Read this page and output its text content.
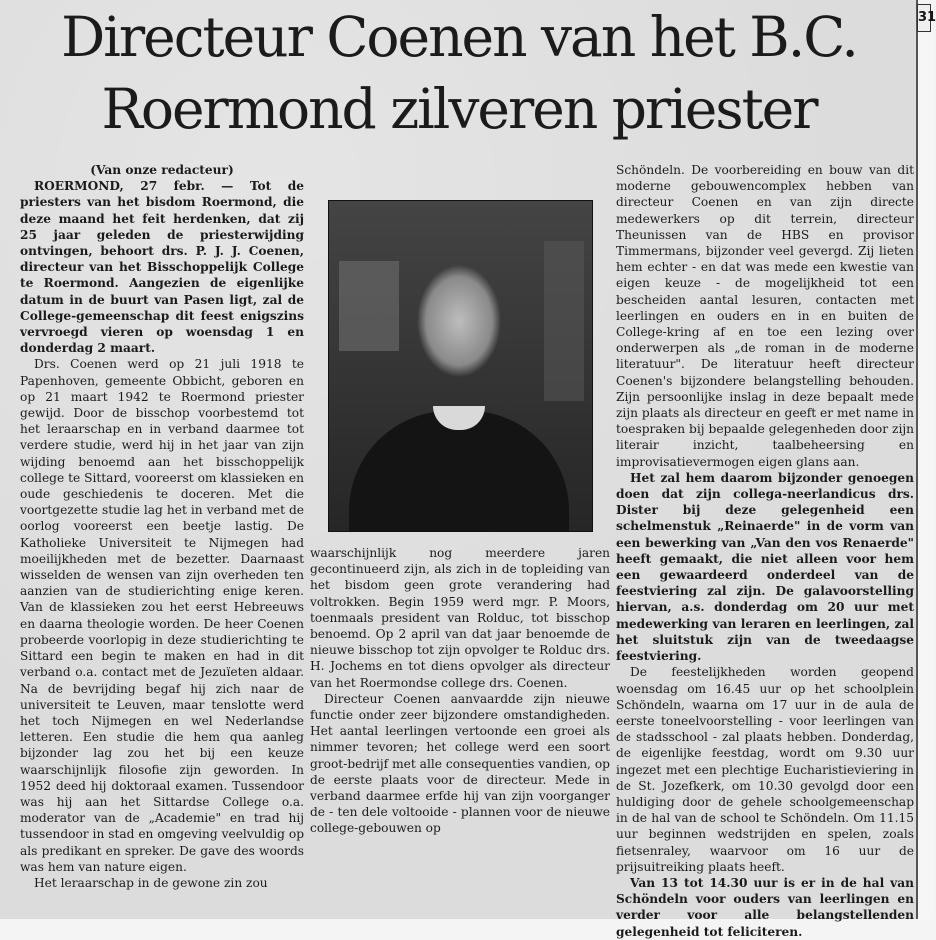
Directeur Coenen van het B.C.
Roermond zilveren priester

(Van onze redacteur)

ROERMOND, 27 febr. — Tot de priesters van het bisdom Roermond, die deze maand het feit herdenken, dat zij 25 jaar geleden de priesterwijding ontvingen, behoort drs. P. J. J. Coenen, directeur van het Bisschoppelijk College te Roermond. Aangezien de eigenlijke datum in de buurt van Pasen ligt, zal de College-gemeenschap dit feest enigszins vervroegd vieren op woensdag 1 en donderdag 2 maart.

Drs. Coenen werd op 21 juli 1918 te Papenhoven, gemeente Obbicht, geboren en op 21 maart 1942 te Roermond priester gewijd. Door de bisschop voorbestemd tot het leraarschap en in verband daarmee tot verdere studie, werd hij in het jaar van zijn wijding benoemd aan het bisschoppelijk college te Sittard, vooreerst om klassieken en oude geschiedenis te doceren. Met die voortgezette studie lag het in verband met de oorlog vooreerst een beetje lastig. De Katholieke Universiteit te Nijmegen had moeilijkheden met de bezetter. Daarnaast wisselden de wensen van zijn overheden ten aanzien van de studierichting enige keren. Van de klassieken zou het eerst Hebreeuws en daarna theologie worden. De heer Coenen probeerde voorlopig in deze studierichting te Sittard een begin te maken en had in dit verband o.a. contact met de Jezuïeten aldaar. Na de bevrijding begaf hij zich naar de universiteit te Leuven, maar tenslotte werd het toch Nijmegen en wel Nederlandse letteren. Een studie die hem qua aanleg bijzonder lag zou het bij een keuze waarschijnlijk filosofie zijn geworden. In 1952 deed hij doktoraal examen. Tussendoor was hij aan het Sittardse College o.a. moderator van de „Academie" en trad hij tussendoor in stad en omgeving veelvuldig op als predikant en spreker. De gave des woords was hem van nature eigen.

Het leraarschap in de gewone zin zou

waarschijnlijk nog meerdere jaren gecontinueerd zijn, als zich in de topleiding van het bisdom geen grote verandering had voltrokken. Begin 1959 werd mgr. P. Moors, toenmaals president van Rolduc, tot bisschop benoemd. Op 2 april van dat jaar benoemde de nieuwe bisschop tot zijn opvolger te Rolduc drs. H. Jochems en tot diens opvolger als directeur van het Roermondse college drs. Coenen.

Directeur Coenen aanvaardde zijn nieuwe functie onder zeer bijzondere omstandigheden. Het aantal leerlingen vertoonde een groei als nimmer tevoren; het college werd een soort groot-bedrijf met alle consequenties vandien, op de eerste plaats voor de directeur. Mede in verband daarmee erfde hij van zijn voorganger de - ten dele voltooide - plannen voor de nieuwe college-gebouwen op

Schöndeln. De voorbereiding en bouw van dit moderne gebouwencomplex hebben van directeur Coenen en van zijn directe medewerkers op dit terrein, directeur Theunissen van de HBS en provisor Timmermans, bijzonder veel gevergd. Zij lieten hem echter - en dat was mede een kwestie van eigen keuze - de mogelijkheid tot een bescheiden aantal lesuren, contacten met leerlingen en ouders en in en buiten de College-kring af en toe een lezing over onderwerpen als „de roman in de moderne literatuur". De literatuur heeft directeur Coenen's bijzondere belangstelling behouden. Zijn persoonlijke inslag in deze bepaalt mede zijn plaats als directeur en geeft er met name in toespraken bij bepaalde gelegenheden door zijn literair inzicht, taalbeheersing en improvisatievermogen eigen glans aan.

Het zal hem daarom bijzonder genoegen doen dat zijn collega-neerlandicus drs. Dister bij deze gelegenheid een schelmenstuk „Reinaerde" in de vorm van een bewerking van „Van den vos Renaerde" heeft gemaakt, die niet alleen voor hem een gewaardeerd onderdeel van de feestviering zal zijn. De galavoorstelling hiervan, a.s. donderdag om 20 uur met medewerking van leraren en leerlingen, zal het sluitstuk zijn van de tweedaagse feestviering.

De feestelijkheden worden geopend woensdag om 16.45 uur op het schoolplein Schöndeln, waarna om 17 uur in de aula de eerste toneelvoorstelling - voor leerlingen van de stadsschool - zal plaats hebben. Donderdag, de eigenlijke feestdag, wordt om 9.30 uur ingezet met een plechtige Eucharistieviering in de St. Jozefkerk, om 10.30 gevolgd door een huldiging door de gehele schoolgemeenschap in de hal van de school te Schöndeln. Om 11.15 uur beginnen wedstrijden en spelen, zoals fietsenraley, waarvoor om 16 uur de prijsuitreiking plaats heeft.

Van 13 tot 14.30 uur is er in de hal van Schöndeln voor ouders van leerlingen en verder voor alle belangstellenden gelegenheid tot feliciteren.

31
